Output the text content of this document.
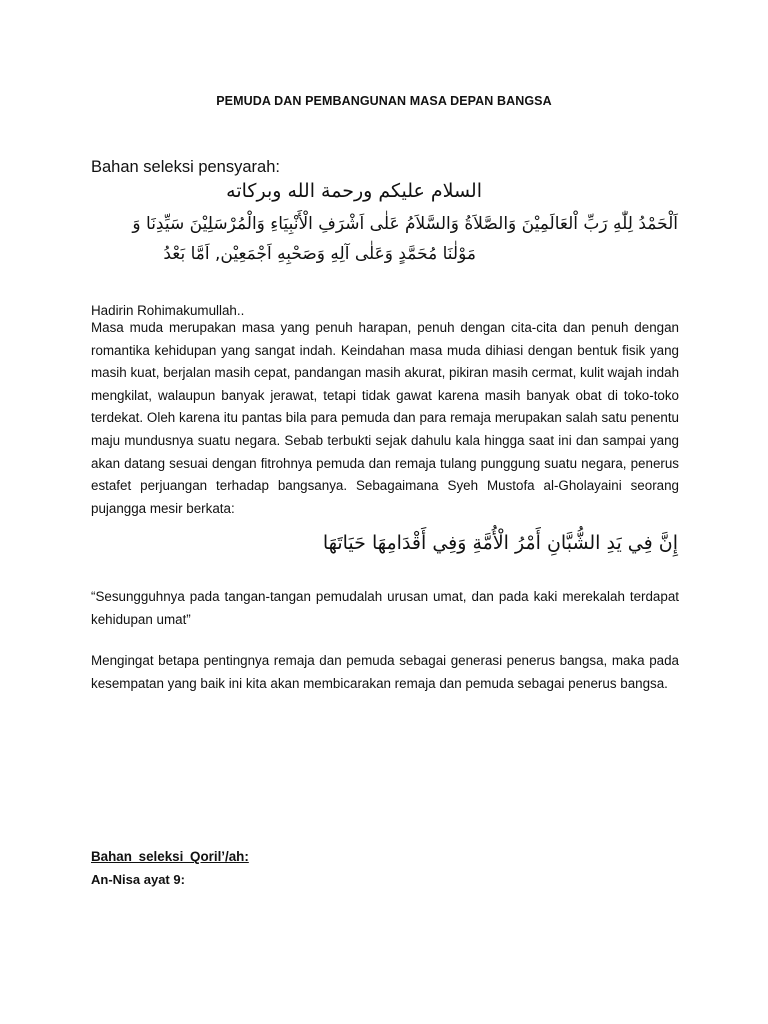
PEMUDA DAN PEMBANGUNAN MASA DEPAN BANGSA
Bahan seleksi pensyarah:
السلام عليكم ورحمة الله وبركاته
اَلْحَمْدُ لِلّٰهِ رَبِّ اْلعَالَمِيْنَ وَالصَّلاَةُ وَالسَّلاَمُ عَلٰى اَشْرَفِ الْأَنْبِيَاءِ وَالْمُرْسَلِيْنَ سَيِّدِنَا وَ
مَوْلٰنَا مُحَمَّدٍ وَعَلٰى آلِهِ وَصَحْبِهِ اَجْمَعِيْن, اَمَّا بَعْدُ
Hadirin Rohimakumullah..
Masa muda merupakan masa yang penuh harapan, penuh dengan cita-cita dan penuh dengan romantika kehidupan yang sangat indah. Keindahan masa muda dihiasi dengan bentuk fisik yang masih kuat, berjalan masih cepat, pandangan masih akurat, pikiran masih cermat, kulit wajah indah mengkilat, walaupun banyak jerawat, tetapi tidak gawat karena masih banyak obat di toko-toko terdekat. Oleh karena itu pantas bila para pemuda dan para remaja merupakan salah satu penentu maju mundusnya suatu negara. Sebab terbukti sejak dahulu kala hingga saat ini dan sampai yang akan datang sesuai dengan fitrohnya pemuda dan remaja tulang punggung suatu negara, penerus estafet perjuangan terhadap bangsanya. Sebagaimana Syeh Mustofa al-Gholayaini seorang pujangga mesir berkata:
إِنَّ فِي يَدِ الشُّبَّانِ أَمْرُ الْأُمَّةِ وَفِي أَقْدَامِهَا حَيَاتَهَا
“Sesungguhnya pada tangan-tangan pemudalah urusan umat, dan pada kaki merekalah terdapat kehidupan umat”
Mengingat betapa pentingnya remaja dan pemuda sebagai generasi penerus bangsa, maka pada kesempatan yang baik ini kita akan membicarakan remaja dan pemuda sebagai penerus bangsa.
Bahan seleksi Qoril’/ah:
An-Nisa ayat 9:
